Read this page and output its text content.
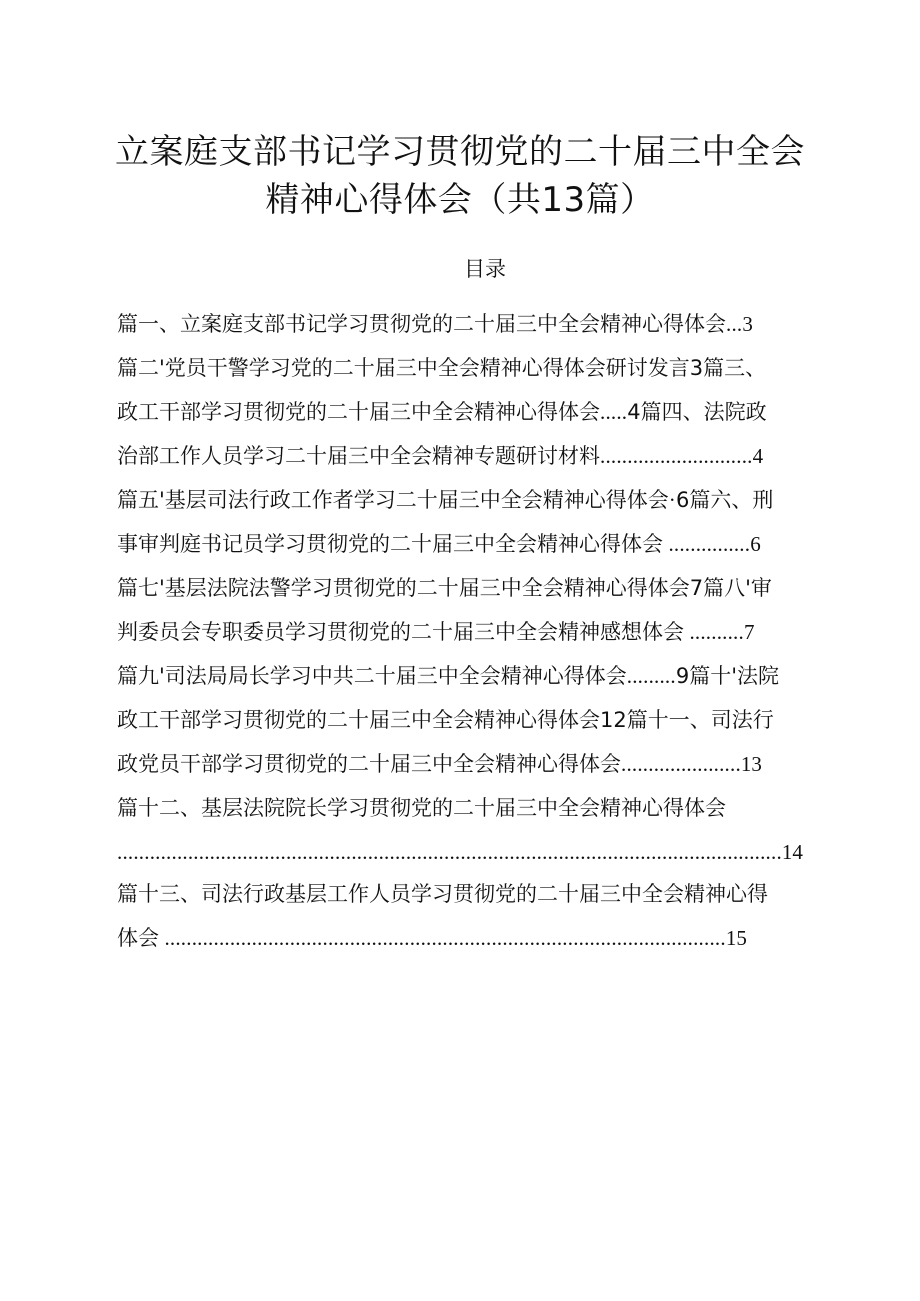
立案庭支部书记学习贯彻党的二十届三中全会
精神心得体会（共13篇）
目录
篇一、立案庭支部书记学习贯彻党的二十届三中全会精神心得体会...3
篇二'党员干警学习党的二十届三中全会精神心得体会研讨发言3篇三、
政工干部学习贯彻党的二十届三中全会精神心得体会.....4篇四、法院政
治部工作人员学习二十届三中全会精神专题研讨材料............................4
篇五'基层司法行政工作者学习二十届三中全会精神心得体会·6篇六、刑
事审判庭书记员学习贯彻党的二十届三中全会精神心得体会 ...............6
篇七'基层法院法警学习贯彻党的二十届三中全会精神心得体会7篇八'审
判委员会专职委员学习贯彻党的二十届三中全会精神感想体会 ..........7
篇九'司法局局长学习中共二十届三中全会精神心得体会.........9篇十'法院
政工干部学习贯彻党的二十届三中全会精神心得体会12篇十一、司法行
政党员干部学习贯彻党的二十届三中全会精神心得体会......................13
篇十二、基层法院院长学习贯彻党的二十届三中全会精神心得体会
..........................................................................................................................14
篇十三、司法行政基层工作人员学习贯彻党的二十届三中全会精神心得
体会 .......................................................................................................15
